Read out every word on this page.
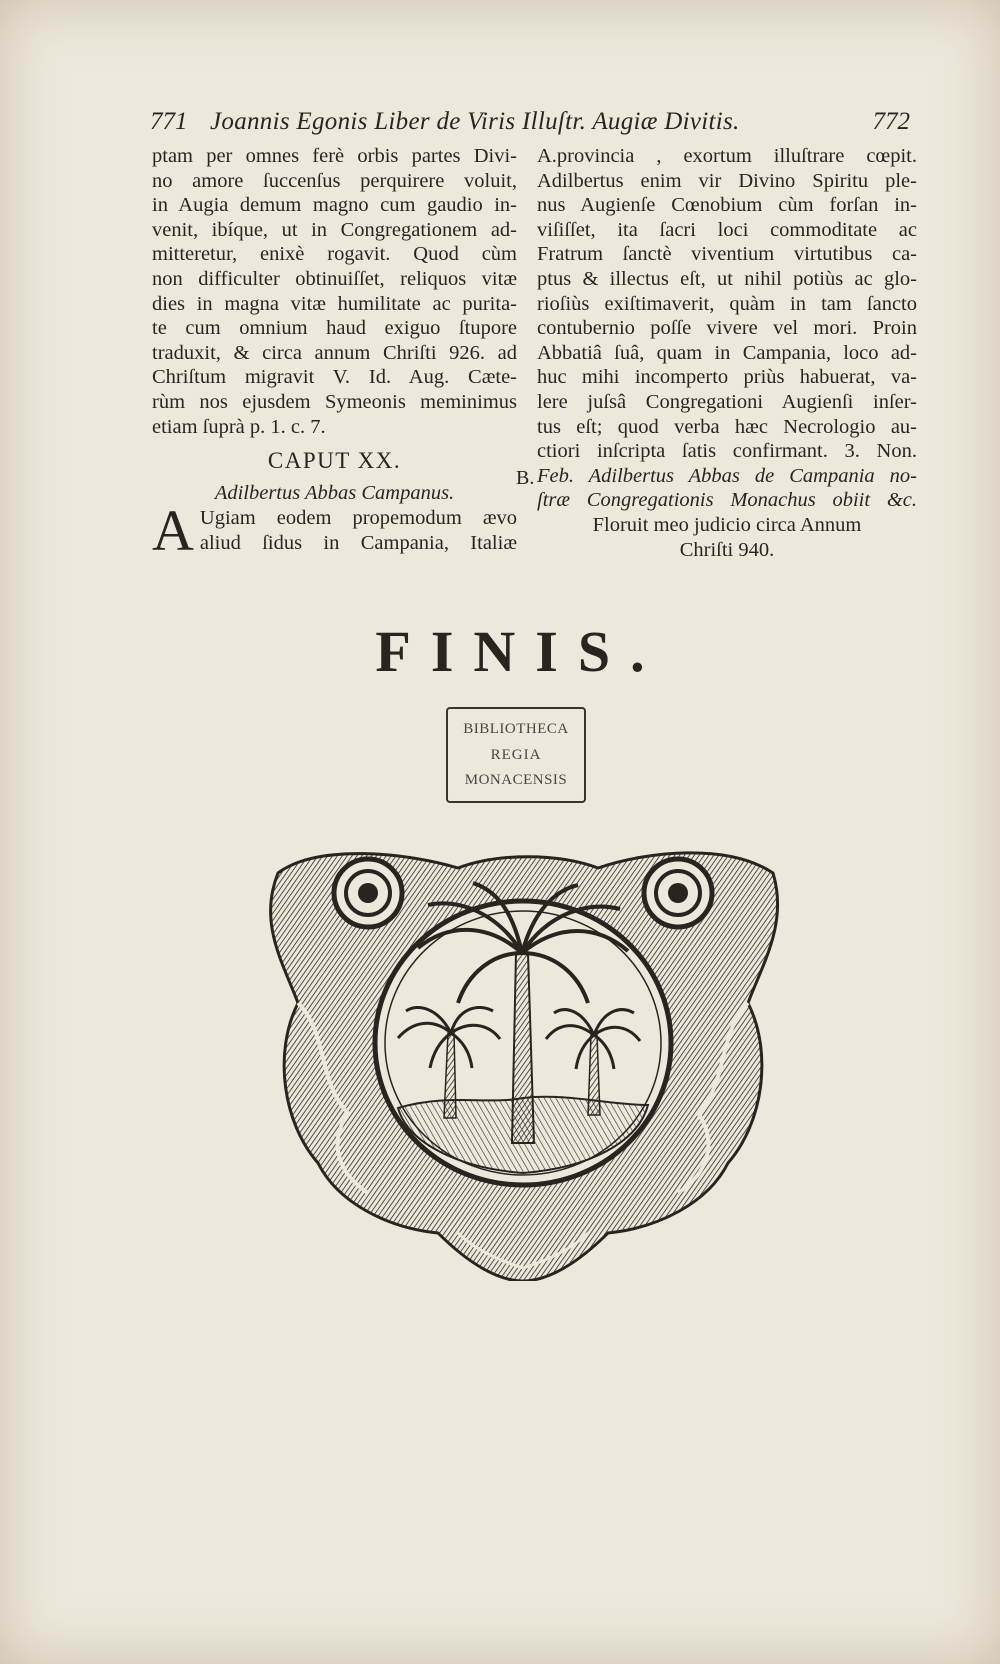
771 Joannis Egonis Liber de Viris Illuſtr. Augiæ Divitis.	772
ptam per omnes ferè orbis partes Divi-
no amore ſuccenſus perquirere voluit,
in Augia demum magno cum gaudio in-
venit, ibíque, ut in Congregationem ad-
mitteretur, enixè rogavit. Quod cùm
non difficulter obtinuiſſet, reliquos vitæ
dies in magna vitæ humilitate ac purita-
te cum omnium haud exiguo ſtupore
traduxit, & circa annum Chriſti 926. ad
Chriſtum migravit V. Id. Aug. Cæte-
rùm nos ejusdem Symeonis meminimus
etiam ſuprà p. 1. c. 7.
A.provincia , exortum illuſtrare cœpit.
Adilbertus enim vir Divino Spiritu ple-
nus Augienſe Cœnobium cùm forſan in-
viſiſſet, ita ſacri loci commoditate ac
Fratrum ſanctè viventium virtutibus ca-
ptus & illectus eſt, ut nihil potiùs ac glo-
rioſiùs exiſtimaverit, quàm in tam ſancto
contubernio poſſe vivere vel mori. Proin
Abbatiâ ſuâ, quam in Campania, loco ad-
huc mihi incomperto priùs habuerat, va-
lere juſsâ Congregationi Augienſi inſer-
tus eſt; quod verba hæc Necrologio au-
ctiori inſcripta ſatis confirmant. 3. Non.
Feb. Adilbertus Abbas de Campania no-
ſtræ Congregationis Monachus obiit &c.
Floruit meo judicio circa Annum
Chriſti 940.
B.
CAPUT XX.
Adilbertus Abbas Campanus.
A Ugiam eodem propemodum ævo
aliud ſidus in Campania, Italiæ
FINIS.
BIBLIOTHECA
REGIA
MONACENSIS
